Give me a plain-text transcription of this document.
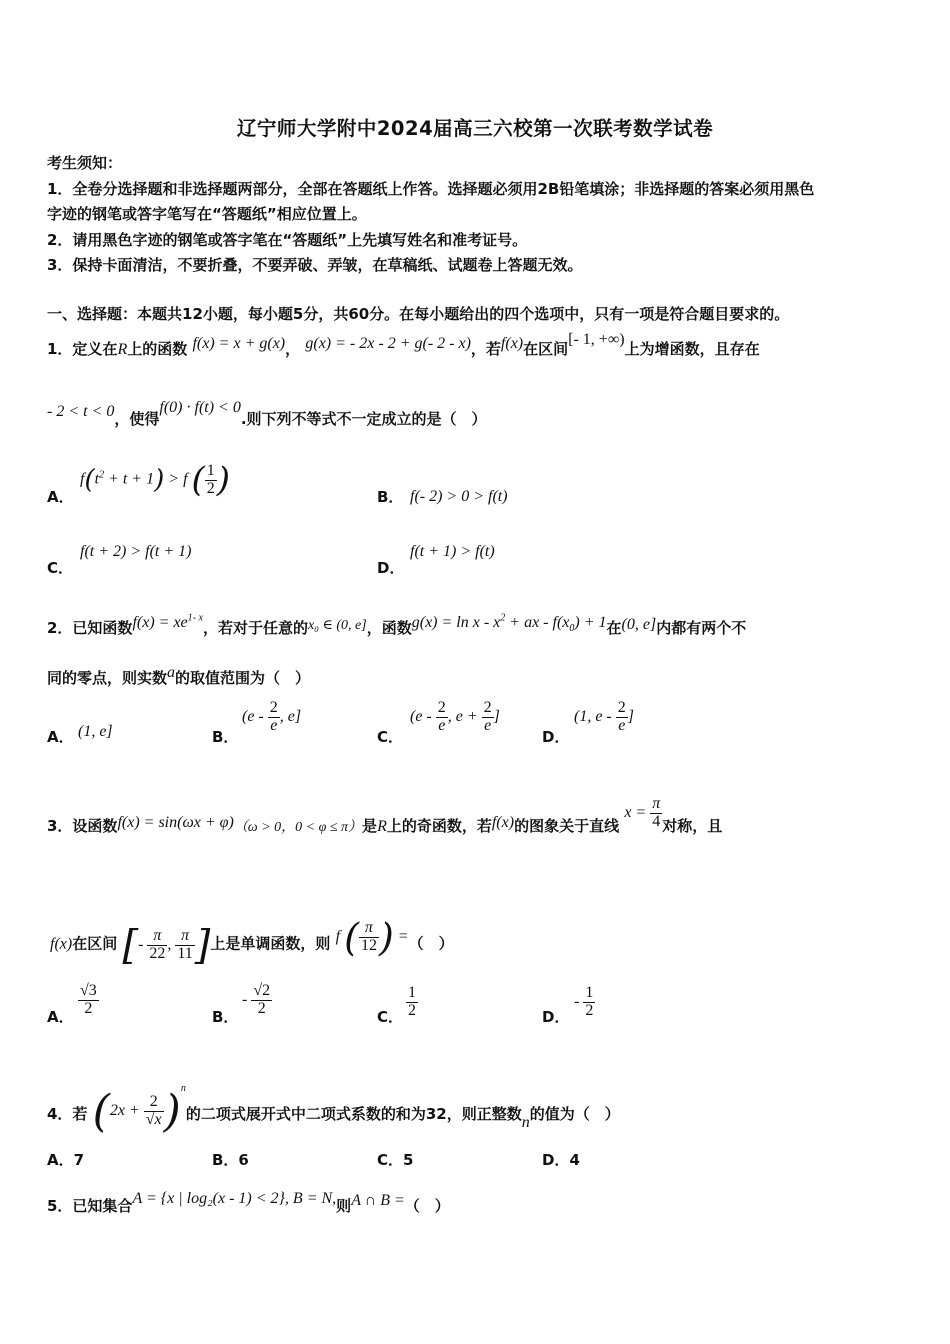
辽宁师大学附中2024届高三六校第一次联考数学试卷
考生须知：
1．全卷分选择题和非选择题两部分，全部在答题纸上作答。选择题必须用2B铅笔填涂；非选择题的答案必须用黑色
字迹的钢笔或答字笔写在“答题纸”相应位置上。
2．请用黑色字迹的钢笔或答字笔在“答题纸”上先填写姓名和准考证号。
3．保持卡面清洁，不要折叠，不要弄破、弄皱，在草稿纸、试题卷上答题无效。
一、选择题：本题共12小题，每小题5分，共60分。在每小题给出的四个选项中，只有一项是符合题目要求的。
1．定义在R上的函数 f(x) = x + g(x)， g(x) = - 2x - 2 + g(- 2 - x)，若f(x)在区间[- 1, +∞)上为增函数，且存在
- 2 < t < 0，使得f(0) · f(t) < 0.则下列不等式不一定成立的是（　）
A．
$f(t^2 + t + 1) > f$ ( $\frac{1}{2}$ )	B． f(- 2) > 0 > f(t)
C．
f(t + 2) > f(t + 1)
D．
f(t + 1) > f(t)
2．已知函数$f(x) = xe^{1- x}$，若对于任意的x₀ ∈ (0, e]，函数$g(x) = \ln x - x^2$ + ax - $f(x_0) + 1$在(0, e]内都有两个不
同的零点，则实数a的取值范围为（　）
A． (1, e]	B．
($e - \frac{2}{e}$ , e]
C．
($e - \frac{2}{e}$ , $e + \frac{2}{e}$ ]
D．
(1, e - $\frac{2}{e}$ ]
3．设函数f(x) = sin(ωx + φ)（ω > 0，0 < φ ≤ π）是R上的奇函数，若f(x)的图象关于直线 $x = \frac{\pi}{4}$ 对称，且
f(x)在区间 [- $\frac{\pi}{22}$ , $\frac{\pi}{11}$ ]上是单调函数，则 f ( $\frac{\pi}{12}$ ) =（　）
A． $\frac{√3}{2}$	B．
- $\frac{√2}{2}$	C． $\frac{1}{2}$	D．
- $\frac{1}{2}$
4．若 $(2x + \frac{2}{√x} )^n$的二项式展开式中二项式系数的和为32，则正整数n的值为（　）
A．7	B．6	C．5	D．4
5．已知集合A = {x | log₂(x - 1) < 2}, B = N,则A ∩ B =（　）
